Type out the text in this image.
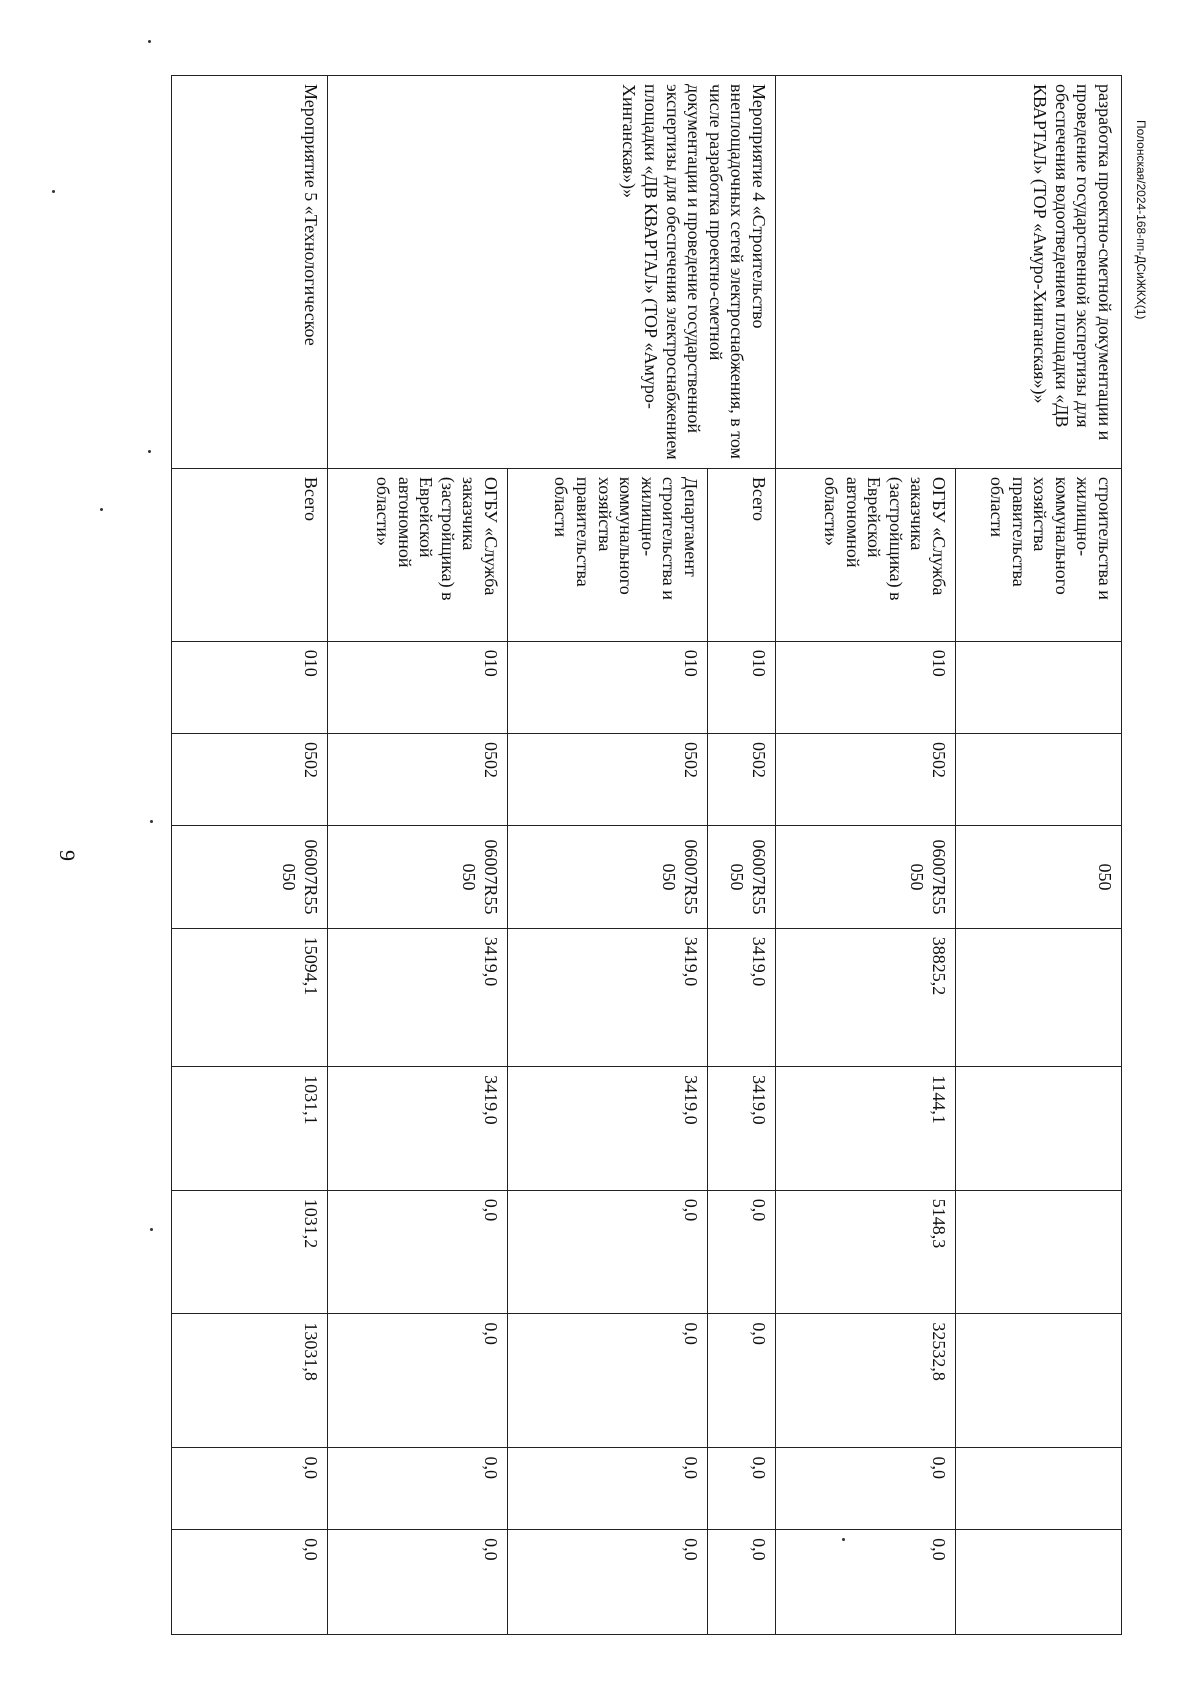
9
Полонская/2024-168-пп-ДСиЖКХ(1)
разработка проектно-сметной документации и проведение государственной экспертизы для обеспечения водоотведением площадки «ДВ КВАРТАЛ» (ТОР «Амуро-Хинганская»)»	строительства и жилищно-коммунального хозяйства правительства области			050						
	ОГБУ «Служба заказчика (застройщика) в Еврейской автономной области»	010	0502	06007R55 050	38825,2	1144,1	5148,3	32532,8	0,0	0,0
Мероприятие 4 «Строительство внеплощадочных сетей электроснабжения, в том числе разработка проектно-сметной документации и проведение государственной экспертизы для обеспечения электроснабжением площадки «ДВ КВАРТАЛ» (ТОР «Амуро-Хинганская»)»	Всего	010	0502	06007R55 050	3419,0	3419,0	0,0	0,0	0,0	0,0
	Департамент строительства и жилищно-коммунального хозяйства правительства области	010	0502	06007R55 050	3419,0	3419,0	0,0	0,0	0,0	0,0
	ОГБУ «Служба заказчика (застройщика) в Еврейской автономной области»	010	0502	06007R55 050	3419,0	3419,0	0,0	0,0	0,0	0,0
Мероприятие 5 «Технологическое	Всего	010	0502	06007R55 050	15094,1	1031,1	1031,2	13031,8	0,0	0,0
